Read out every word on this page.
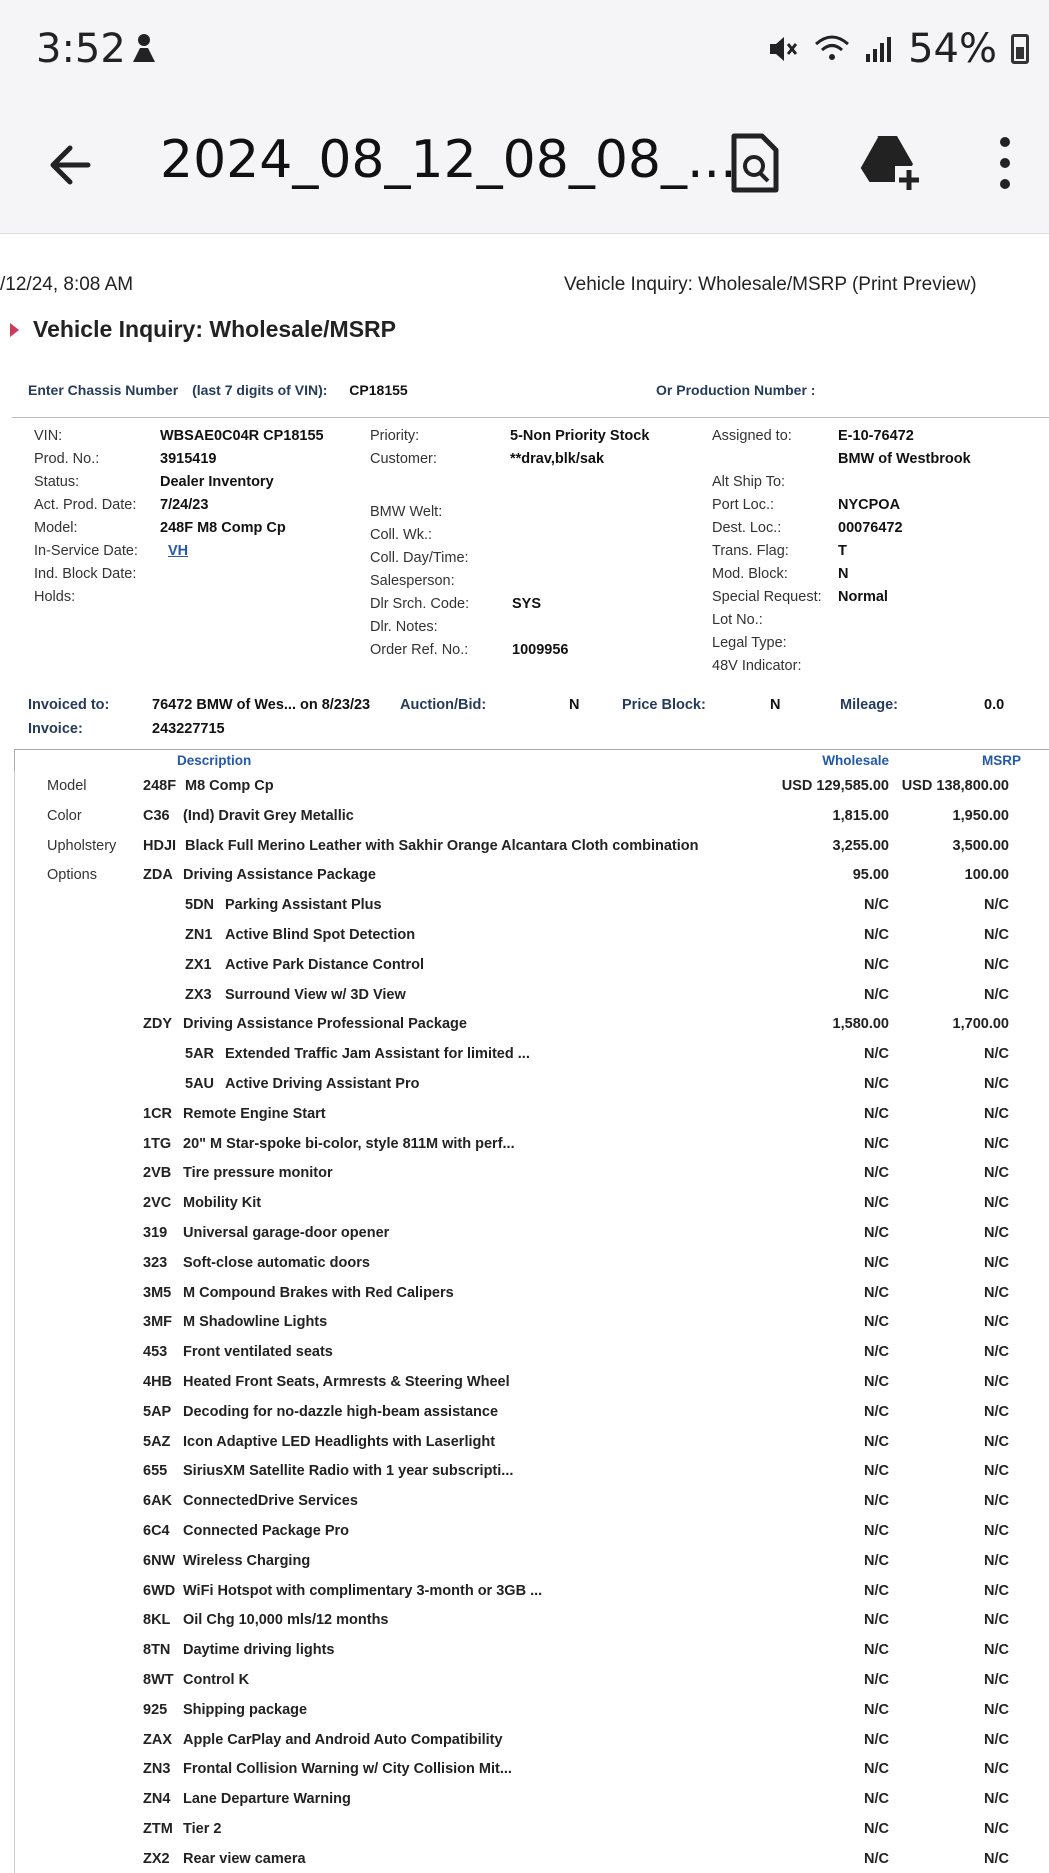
3:52	54%
2024_08_12_08_08_...
/12/24, 8:08 AM	Vehicle Inquiry: Wholesale/MSRP (Print Preview)
Vehicle Inquiry: Wholesale/MSRP
Enter Chassis Number (last 7 digits of VIN): CP18155	Or Production Number :
VIN:	WBSAE0C04R CP18155
Prod. No.:	3915419
Status:	Dealer Inventory
Act. Prod. Date: 7/24/23
Model:	248F M8 Comp Cp
In-Service Date: VH
Ind. Block Date:
Holds:
Priority:	5-Non Priority Stock
Customer:	**drav,blk/sak
BMW Welt:
Coll. Wk.:
Coll. Day/Time:
Salesperson:
Dlr Srch. Code:	SYS
Dlr. Notes:
Order Ref. No.:	1009956
Assigned to:	E-10-76472
BMW of Westbrook
Alt Ship To:
Port Loc.:	NYCPOA
Dest. Loc.:	00076472
Trans. Flag:	T
Mod. Block:	N
Special Request: Normal
Lot No.:
Legal Type:
48V Indicator:
Invoiced to:	76472 BMW of Wes... on 8/23/23 Auction/Bid:	N	Price Block:	N	Mileage:	0.0
Invoice:	243227715
Description	Wholesale	MSRP
Model	248F M8 Comp Cp	USD 129,585.00 USD 138,800.00
Color	C36 (Ind) Dravit Grey Metallic	1,815.00	1,950.00
Upholstery HDJI Black Full Merino Leather with Sakhir Orange Alcantara Cloth combination	3,255.00	3,500.00
Options	ZDA Driving Assistance Package	95.00	100.00
5DN Parking Assistant Plus	N/C	N/C
ZN1 Active Blind Spot Detection	N/C	N/C
ZX1 Active Park Distance Control	N/C	N/C
ZX3 Surround View w/ 3D View	N/C	N/C
ZDY Driving Assistance Professional Package	1,580.00	1,700.00
5AR Extended Traffic Jam Assistant for limited ...	N/C	N/C
5AU Active Driving Assistant Pro	N/C	N/C
1CR Remote Engine Start	N/C	N/C
1TG 20" M Star-spoke bi-color, style 811M with perf...	N/C	N/C
2VB Tire pressure monitor	N/C	N/C
2VC Mobility Kit	N/C	N/C
319 Universal garage-door opener	N/C	N/C
323 Soft-close automatic doors	N/C	N/C
3M5 M Compound Brakes with Red Calipers	N/C	N/C
3MF M Shadowline Lights	N/C	N/C
453 Front ventilated seats	N/C	N/C
4HB Heated Front Seats, Armrests & Steering Wheel	N/C	N/C
5AP Decoding for no-dazzle high-beam assistance	N/C	N/C
5AZ Icon Adaptive LED Headlights with Laserlight	N/C	N/C
655 SiriusXM Satellite Radio with 1 year subscripti...	N/C	N/C
6AK ConnectedDrive Services	N/C	N/C
6C4 Connected Package Pro	N/C	N/C
6NW Wireless Charging	N/C	N/C
6WD WiFi Hotspot with complimentary 3-month or 3GB ...	N/C	N/C
8KL Oil Chg 10,000 mls/12 months	N/C	N/C
8TN Daytime driving lights	N/C	N/C
8WT Control K	N/C	N/C
925 Shipping package	N/C	N/C
ZAX Apple CarPlay and Android Auto Compatibility	N/C	N/C
ZN3 Frontal Collision Warning w/ City Collision Mit...	N/C	N/C
ZN4 Lane Departure Warning	N/C	N/C
ZTM Tier 2	N/C	N/C
ZX2 Rear view camera	N/C	N/C
